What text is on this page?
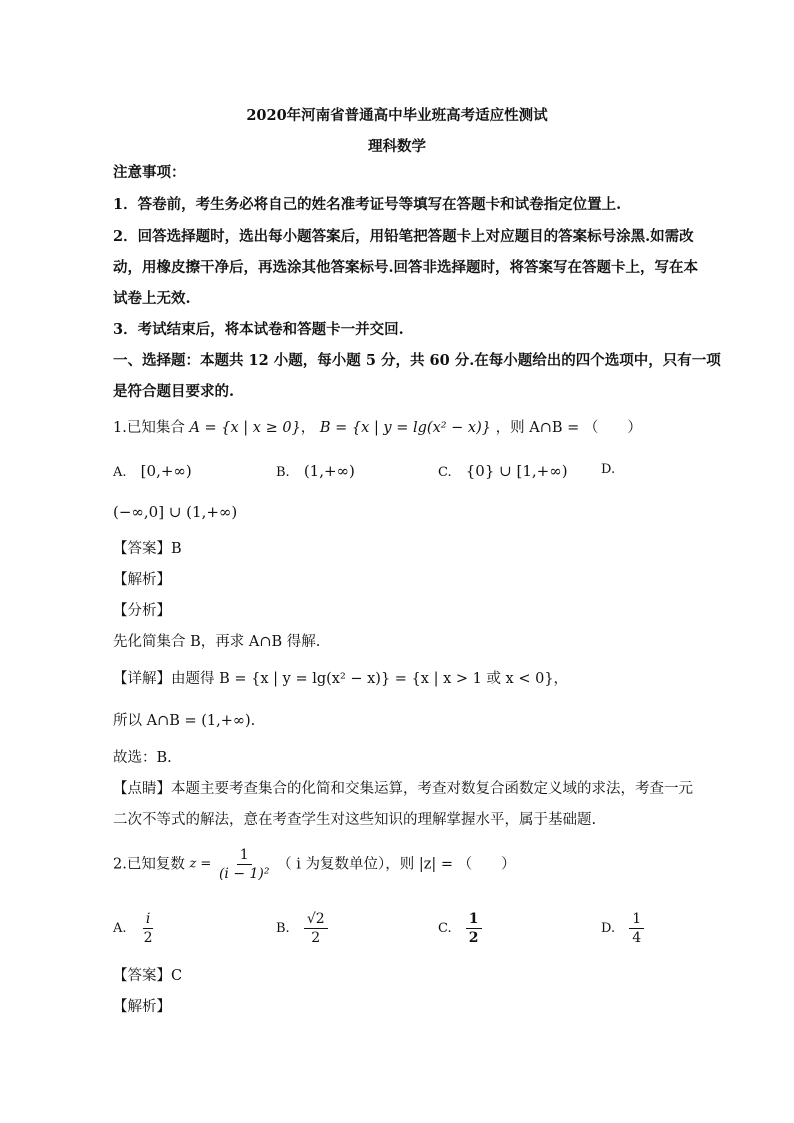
2020年河南省普通高中毕业班高考适应性测试
理科数学
注意事项：
1．答卷前，考生务必将自己的姓名准考证号等填写在答题卡和试卷指定位置上.
2．回答选择题时，选出每小题答案后，用铅笔把答题卡上对应题目的答案标号涂黑.如需改
动，用橡皮擦干净后，再选涂其他答案标号.回答非选择题时，将答案写在答题卡上，写在本
试卷上无效.
3．考试结束后，将本试卷和答题卡一并交回.
一、选择题：本题共 12 小题，每小题 5 分，共 60 分.在每小题给出的四个选项中，只有一项
是符合题目要求的.
1.已知集合 A = {x | x ≥ 0}， B = {x | y = lg(x² − x)} ，则 A∩B = （　　）
A. [0,+∞)	B. (1,+∞)	C. {0} ∪ [1,+∞)	D.
(−∞,0] ∪ (1,+∞)
【答案】B
【解析】
【分析】
先化简集合 B，再求 A∩B 得解.
【详解】由题得 B = {x | y = lg(x² − x)} = {x | x > 1 或 x < 0}，
所以 A∩B = (1,+∞).
故选：B.
【点睛】本题主要考查集合的化简和交集运算，考查对数复合函数定义域的求法，考查一元
二次不等式的解法，意在考查学生对这些知识的理解掌握水平，属于基础题.
2.已知复数 $z = \frac{1}{\text{(i − 1)²}}$ （ i 为复数单位），则 |z| = （　　）
A. $\frac{i}{2}$	B. $\frac{√2}{2}$	C. $\frac{1}{2}$	D. $\frac{1}{4}$
【答案】C
【解析】
